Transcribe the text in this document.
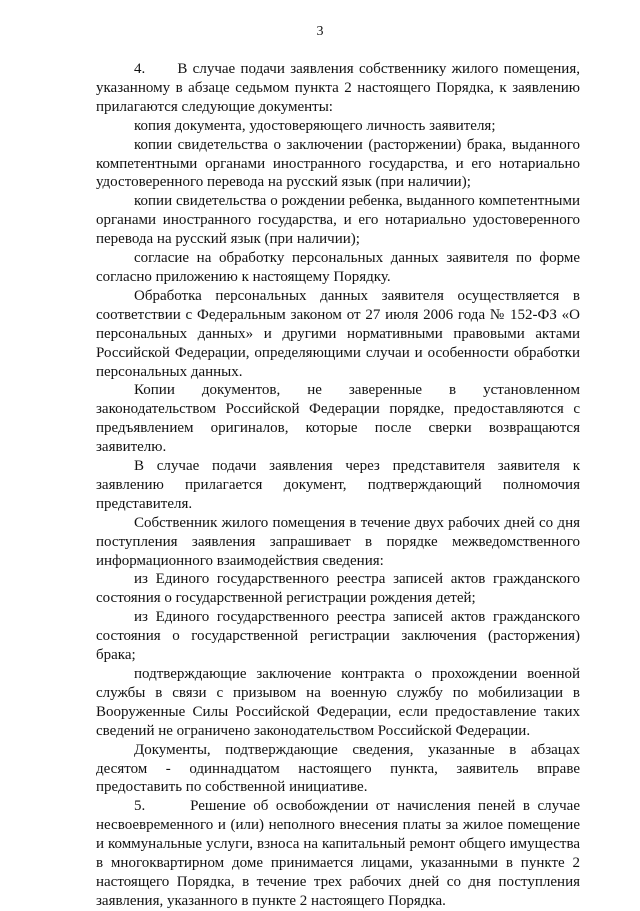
3

4.      В случае подачи заявления собственнику жилого помещения, указанному в абзаце седьмом пункта 2 настоящего Порядка, к заявлению прилагаются следующие документы:

копия документа, удостоверяющего личность заявителя;

копии свидетельства о заключении (расторжении) брака, выданного компетентными органами иностранного государства, и его нотариально удостоверенного перевода на русский язык (при наличии);

копии свидетельства о рождении ребенка, выданного компетентными органами иностранного государства, и его нотариально удостоверенного перевода на русский язык (при наличии);

согласие на обработку персональных данных заявителя по форме согласно приложению к настоящему Порядку.

Обработка персональных данных заявителя осуществляется в соответствии с Федеральным законом от 27 июля 2006 года № 152-ФЗ «О персональных данных» и другими нормативными правовыми актами Российской Федерации, определяющими случаи и особенности обработки персональных данных.

Копии документов, не заверенные в установленном законодательством Российской Федерации порядке, предоставляются с предъявлением оригиналов, которые после сверки возвращаются заявителю.

В случае подачи заявления через представителя заявителя к заявлению прилагается документ, подтверждающий полномочия представителя.

Собственник жилого помещения в течение двух рабочих дней со дня поступления заявления запрашивает в порядке межведомственного информационного взаимодействия сведения:

из Единого государственного реестра записей актов гражданского состояния о государственной регистрации рождения детей;

из Единого государственного реестра записей актов гражданского состояния о государственной регистрации заключения (расторжения) брака;

подтверждающие заключение контракта о прохождении военной службы в связи с призывом на военную службу по мобилизации в Вооруженные Силы Российской Федерации, если предоставление таких сведений не ограничено законодательством Российской Федерации.

Документы, подтверждающие сведения, указанные в абзацах десятом - одиннадцатом настоящего пункта, заявитель вправе предоставить по собственной инициативе.

5.      Решение об освобождении от начисления пеней в случае несвоевременного и (или) неполного внесения платы за жилое помещение и коммунальные услуги, взноса на капитальный ремонт общего имущества в многоквартирном доме принимается лицами, указанными в пункте 2 настоящего Порядка, в течение трех рабочих дней со дня поступления заявления, указанного в пункте 2 настоящего Порядка.
